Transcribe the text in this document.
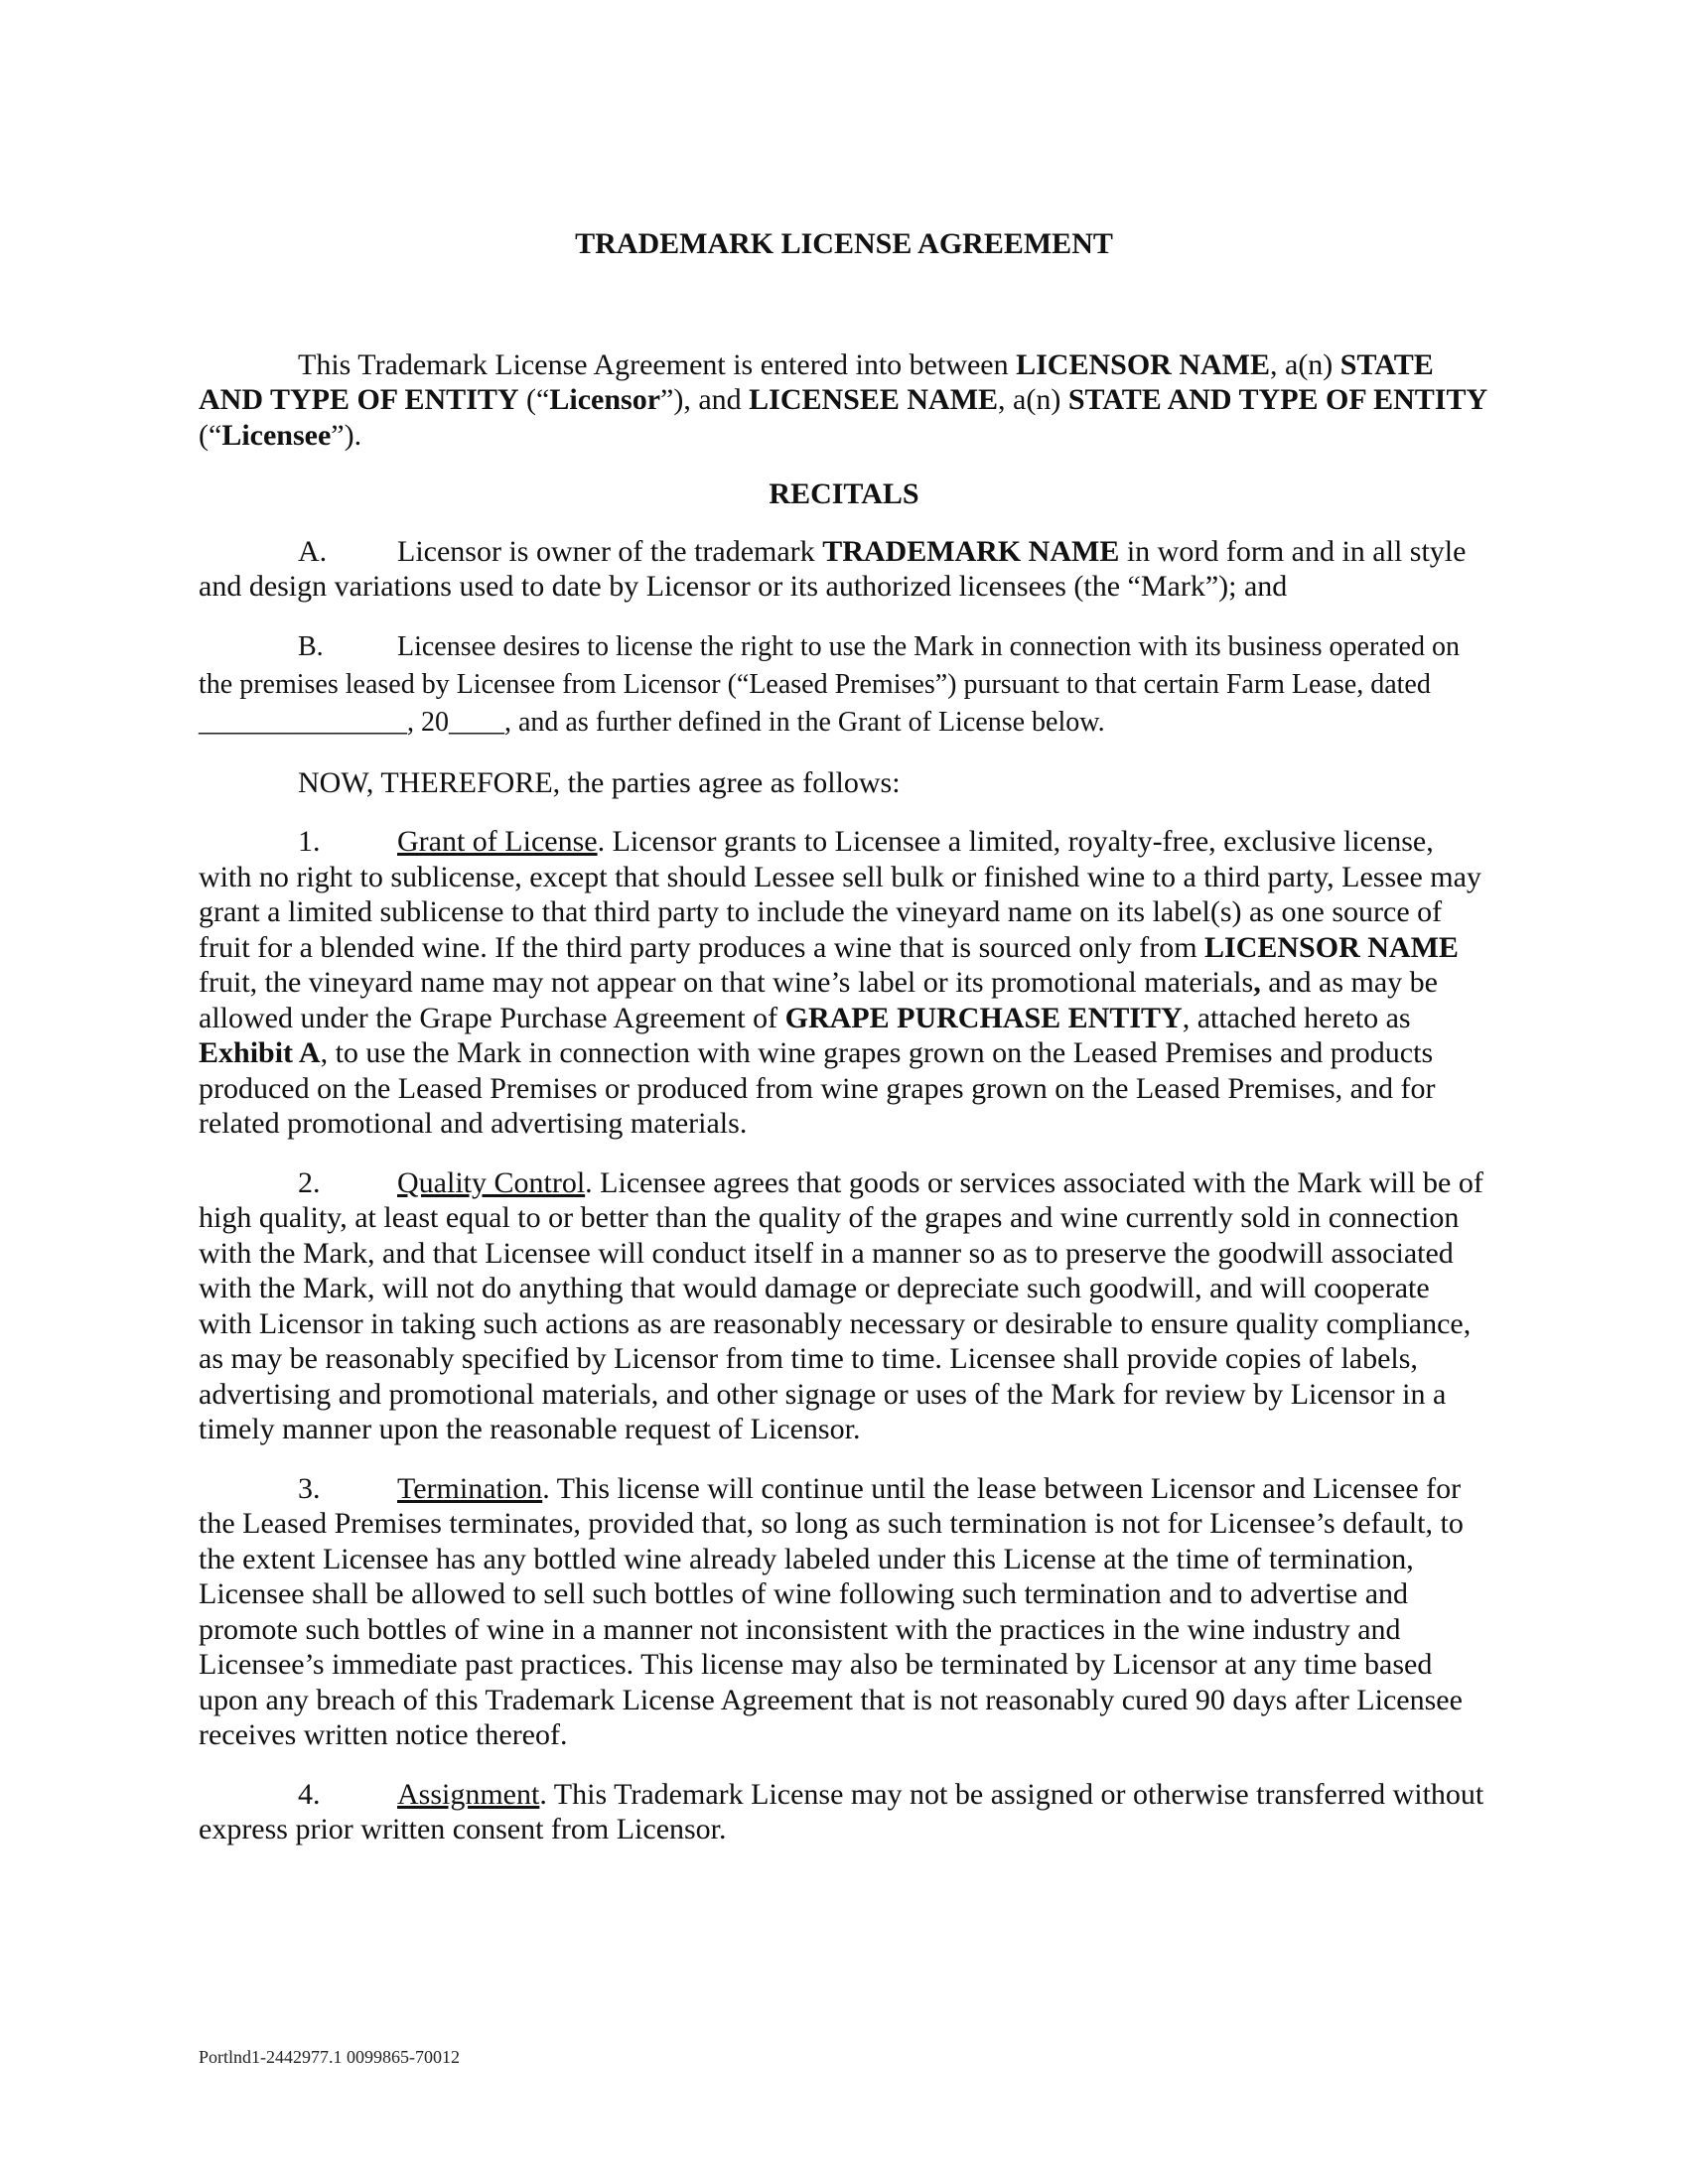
TRADEMARK LICENSE AGREEMENT

This Trademark License Agreement is entered into between LICENSOR NAME, a(n) STATE AND TYPE OF ENTITY (“Licensor”), and LICENSEE NAME, a(n) STATE AND TYPE OF ENTITY (“Licensee”).

RECITALS

A. Licensor is owner of the trademark TRADEMARK NAME in word form and in all style and design variations used to date by Licensor or its authorized licensees (the “Mark”); and

B.	Licensee desires to license the right to use the Mark in connection with its business operated on the premises leased by Licensee from Licensor (“Leased Premises”) pursuant to that certain Farm Lease, dated _______________, 20____, and as further defined in the Grant of License below.

NOW, THEREFORE, the parties agree as follows:

1.	Grant of License. Licensor grants to Licensee a limited, royalty-free, exclusive license, with no right to sublicense, except that should Lessee sell bulk or finished wine to a third party, Lessee may grant a limited sublicense to that third party to include the vineyard name on its label(s) as one source of fruit for a blended wine. If the third party produces a wine that is sourced only from LICENSOR NAME fruit, the vineyard name may not appear on that wine’s label or its promotional materials, and as may be allowed under the Grape Purchase Agreement of GRAPE PURCHASE ENTITY, attached hereto as Exhibit A, to use the Mark in connection with wine grapes grown on the Leased Premises and products produced on the Leased Premises or produced from wine grapes grown on the Leased Premises, and for related promotional and advertising materials.

2.	Quality Control. Licensee agrees that goods or services associated with the Mark will be of high quality, at least equal to or better than the quality of the grapes and wine currently sold in connection with the Mark, and that Licensee will conduct itself in a manner so as to preserve the goodwill associated with the Mark, will not do anything that would damage or depreciate such goodwill, and will cooperate with Licensor in taking such actions as are reasonably necessary or desirable to ensure quality compliance, as may be reasonably specified by Licensor from time to time. Licensee shall provide copies of labels, advertising and promotional materials, and other signage or uses of the Mark for review by Licensor in a timely manner upon the reasonable request of Licensor.

3.	Termination. This license will continue until the lease between Licensor and Licensee for the Leased Premises terminates, provided that, so long as such termination is not for Licensee’s default, to the extent Licensee has any bottled wine already labeled under this License at the time of termination, Licensee shall be allowed to sell such bottles of wine following such termination and to advertise and promote such bottles of wine in a manner not inconsistent with the practices in the wine industry and Licensee’s immediate past practices. This license may also be terminated by Licensor at any time based upon any breach of this Trademark License Agreement that is not reasonably cured 90 days after Licensee receives written notice thereof.

4.	Assignment. This Trademark License may not be assigned or otherwise transferred without express prior written consent from Licensor.

Portlnd1-2442977.1 0099865-70012
